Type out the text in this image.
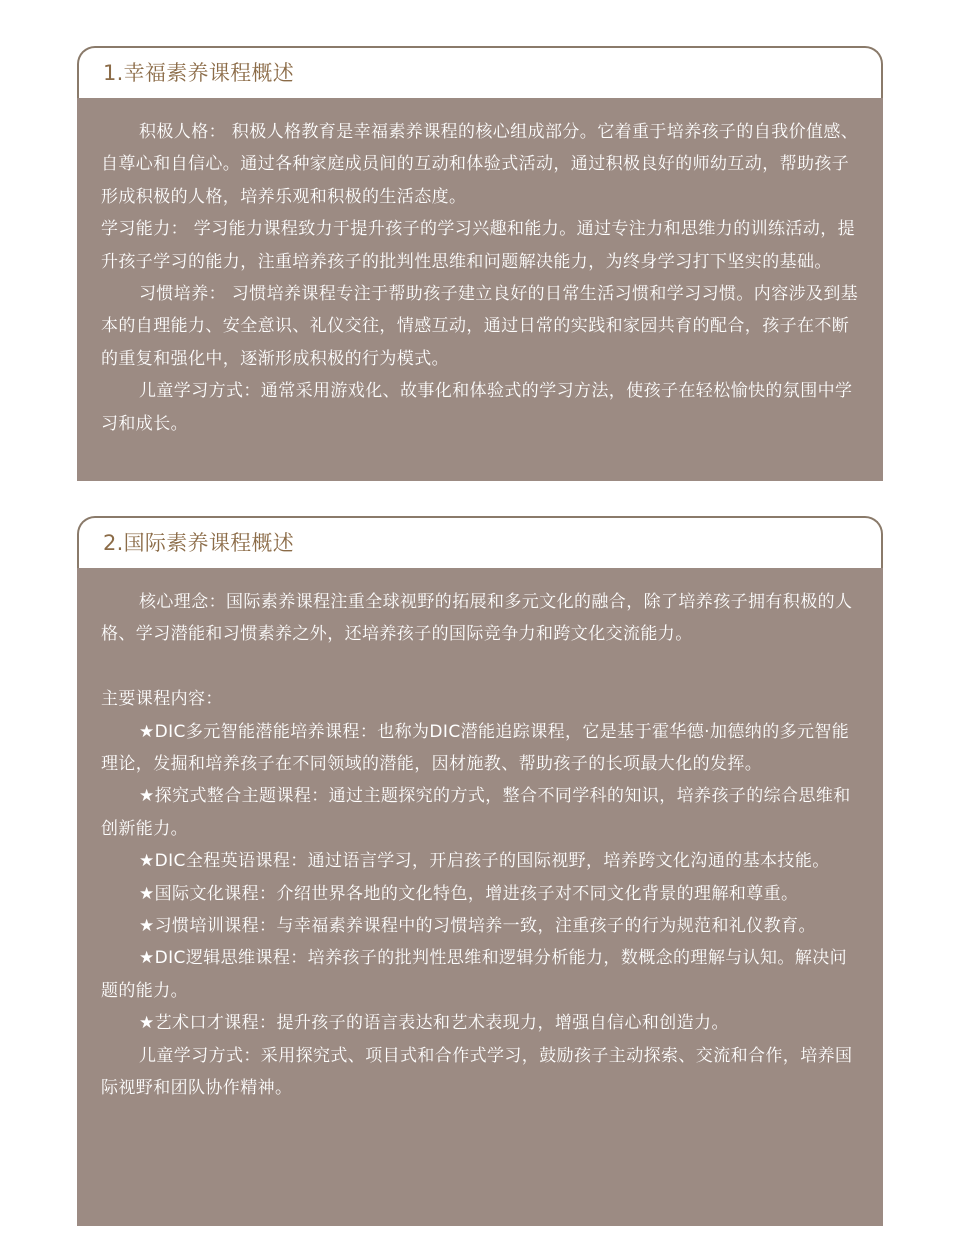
1.幸福素养课程概述

积极人格： 积极人格教育是幸福素养课程的核心组成部分。它着重于培养孩子的自我价值感、自尊心和自信心。通过各种家庭成员间的互动和体验式活动，通过积极良好的师幼互动，帮助孩子形成积极的人格，培养乐观和积极的生活态度。

学习能力： 学习能力课程致力于提升孩子的学习兴趣和能力。通过专注力和思维力的训练活动，提升孩子学习的能力，注重培养孩子的批判性思维和问题解决能力，为终身学习打下坚实的基础。

习惯培养： 习惯培养课程专注于帮助孩子建立良好的日常生活习惯和学习习惯。内容涉及到基本的自理能力、安全意识、礼仪交往，情感互动，通过日常的实践和家园共育的配合，孩子在不断的重复和强化中，逐渐形成积极的行为模式。

儿童学习方式：通常采用游戏化、故事化和体验式的学习方法，使孩子在轻松愉快的氛围中学习和成长。

2.国际素养课程概述

核心理念：国际素养课程注重全球视野的拓展和多元文化的融合，除了培养孩子拥有积极的人格、学习潜能和习惯素养之外，还培养孩子的国际竞争力和跨文化交流能力。

主要课程内容：

★DIC多元智能潜能培养课程：也称为DIC潜能追踪课程，它是基于霍华德·加德纳的多元智能理论，发掘和培养孩子在不同领域的潜能，因材施教、帮助孩子的长项最大化的发挥。

★探究式整合主题课程：通过主题探究的方式，整合不同学科的知识，培养孩子的综合思维和创新能力。

★DIC全程英语课程：通过语言学习，开启孩子的国际视野，培养跨文化沟通的基本技能。

★国际文化课程：介绍世界各地的文化特色，增进孩子对不同文化背景的理解和尊重。

★习惯培训课程：与幸福素养课程中的习惯培养一致，注重孩子的行为规范和礼仪教育。

★DIC逻辑思维课程：培养孩子的批判性思维和逻辑分析能力，数概念的理解与认知。解决问题的能力。

★艺术口才课程：提升孩子的语言表达和艺术表现力，增强自信心和创造力。

儿童学习方式：采用探究式、项目式和合作式学习，鼓励孩子主动探索、交流和合作，培养国际视野和团队协作精神。
